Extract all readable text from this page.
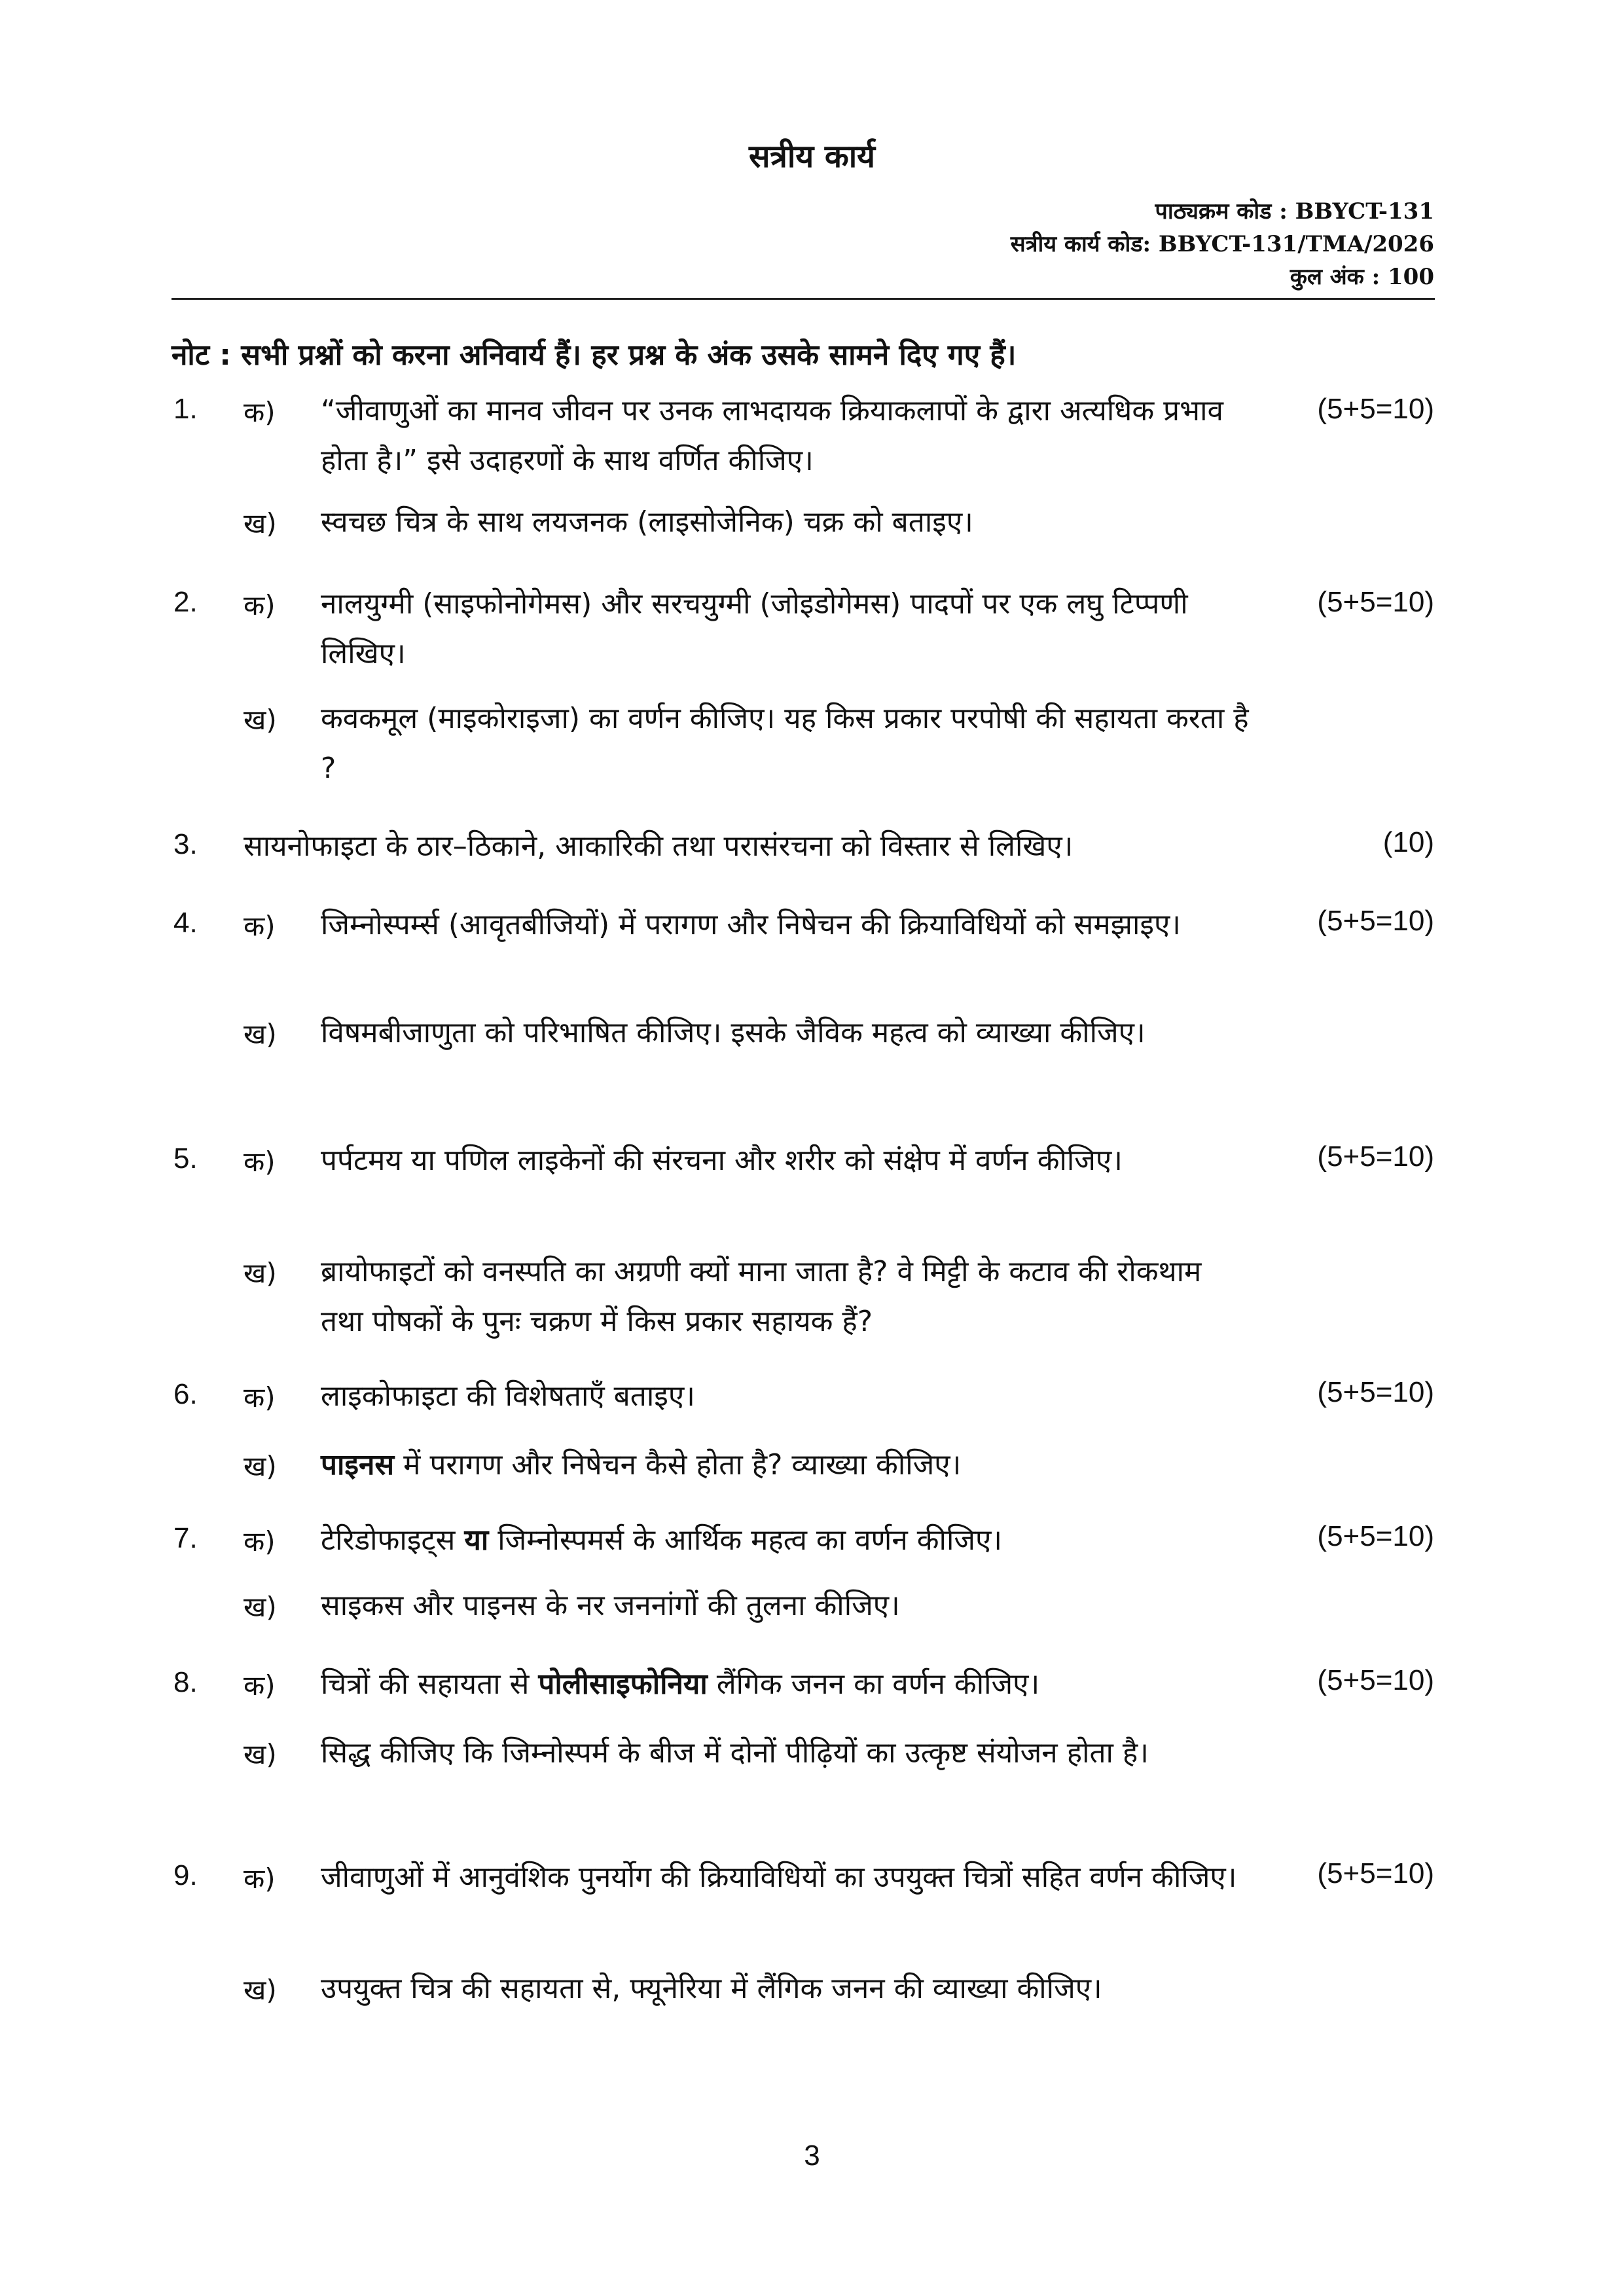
सत्रीय कार्य
पाठ्यक्रम कोड : BBYCT-131
सत्रीय कार्य कोड: BBYCT-131/TMA/2026
कुल अंक : 100
नोट : सभी प्रश्नों को करना अनिवार्य हैं। हर प्रश्न के अंक उसके सामने दिए गए हैं।
1. क) “जीवाणुओं का मानव जीवन पर उनक लाभदायक क्रियाकलापों के द्वारा अत्यधिक प्रभाव होता है।” इसे उदाहरणों के साथ वर्णित कीजिए।
(5+5=10)
ख) स्वचछ चित्र के साथ लयजनक (लाइसोजेनिक) चक्र को बताइए।
2. क) नालयुग्मी (साइफोनोगेमस) और सरचयुग्मी (जोइडोगेमस) पादपों पर एक लघु टिप्पणी लिखिए।
(5+5=10)
ख) कवकमूल (माइकोराइजा) का वर्णन कीजिए। यह किस प्रकार परपोषी की सहायता करता है ?
3. सायनोफाइटा के ठार–ठिकाने, आकारिकी तथा परासंरचना को विस्तार से लिखिए।	(10)
4. क) जिम्नोस्पर्म्स (आवृतबीजियों) में परागण और निषेचन की क्रियाविधियों को समझाइए।	(5+5=10)
ख) विषमबीजाणुता को परिभाषित कीजिए। इसके जैविक महत्व को व्याख्या कीजिए।
5. क) पर्पटमय या पणिल लाइकेनों की संरचना और शरीर को संक्षेप में वर्णन कीजिए।	(5+5=10)
ख) ब्रायोफाइटों को वनस्पति का अग्रणी क्यों माना जाता है? वे मिट्टी के कटाव की रोकथाम तथा पोषकों के पुनः चक्रण में किस प्रकार सहायक हैं?
6. क) लाइकोफाइटा की विशेषताएँ बताइए।	(5+5=10)
ख) पाइनस में परागण और निषेचन कैसे होता है? व्याख्या कीजिए।
7. क) टेरिडोफाइट्स या जिम्नोस्पमर्स के आर्थिक महत्व का वर्णन कीजिए।	(5+5=10)
ख) साइकस और पाइनस के नर जननांगों की तुलना कीजिए।
8. क) चित्रों की सहायता से पोलीसाइफोनिया लैंगिक जनन का वर्णन कीजिए।	(5+5=10)
ख) सिद्ध कीजिए कि जिम्नोस्पर्म के बीज में दोनों पीढ़ियों का उत्कृष्ट संयोजन होता है।
9. क) जीवाणुओं में आनुवंशिक पुनर्योग की क्रियाविधियों का उपयुक्त चित्रों सहित वर्णन कीजिए।	(5+5=10)
ख) उपयुक्त चित्र की सहायता से, फ्यूनेरिया में लैंगिक जनन की व्याख्या कीजिए।
3
